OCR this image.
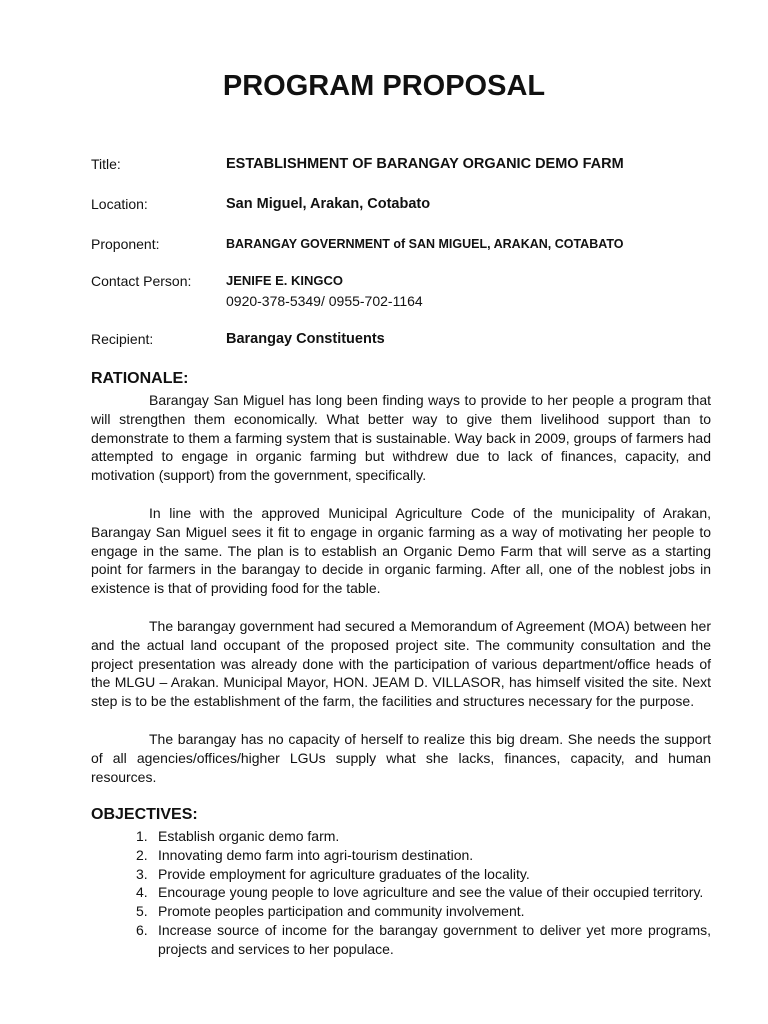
PROGRAM PROPOSAL
Title:	ESTABLISHMENT OF BARANGAY ORGANIC DEMO FARM
Location:	San Miguel, Arakan, Cotabato
Proponent:	BARANGAY GOVERNMENT of SAN MIGUEL, ARAKAN, COTABATO
Contact Person:	JENIFE E. KINGCO
0920-378-5349/ 0955-702-1164
Recipient:	Barangay Constituents
RATIONALE:

Barangay San Miguel has long been finding ways to provide to her people a program that will strengthen them economically. What better way to give them livelihood support than to demonstrate to them a farming system that is sustainable. Way back in 2009, groups of farmers had attempted to engage in organic farming but withdrew due to lack of finances, capacity, and motivation (support) from the government, specifically.

In line with the approved Municipal Agriculture Code of the municipality of Arakan, Barangay San Miguel sees it fit to engage in organic farming as a way of motivating her people to engage in the same. The plan is to establish an Organic Demo Farm that will serve as a starting point for farmers in the barangay to decide in organic farming. After all, one of the noblest jobs in existence is that of providing food for the table.

The barangay government had secured a Memorandum of Agreement (MOA) between her and the actual land occupant of the proposed project site. The community consultation and the project presentation was already done with the participation of various department/office heads of the MLGU – Arakan. Municipal Mayor, HON. JEAM D. VILLASOR, has himself visited the site. Next step is to be the establishment of the farm, the facilities and structures necessary for the purpose.

The barangay has no capacity of herself to realize this big dream. She needs the support of all agencies/offices/higher LGUs supply what she lacks, finances, capacity, and human resources.

OBJECTIVES:
1. Establish organic demo farm.
2. Innovating demo farm into agri-tourism destination.
3. Provide employment for agriculture graduates of the locality.
4. Encourage young people to love agriculture and see the value of their occupied territory.
5. Promote peoples participation and community involvement.
6. Increase source of income for the barangay government to deliver yet more programs, projects and services to her populace.
